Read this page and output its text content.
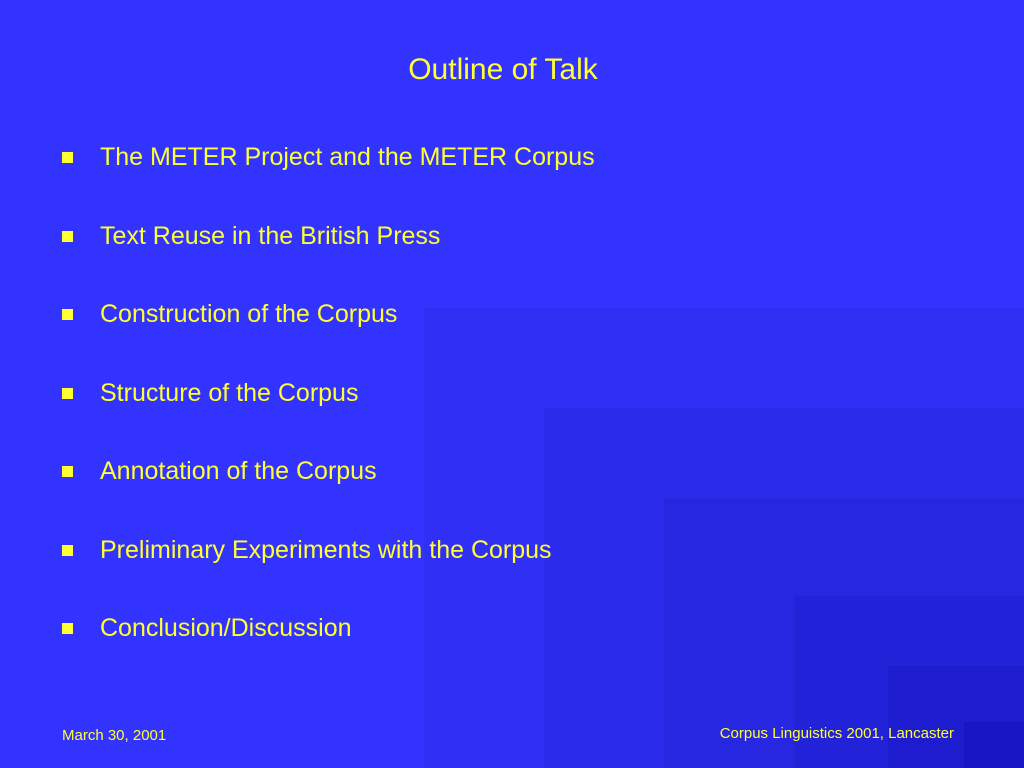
Outline of Talk
The METER Project and the METER Corpus
Text Reuse in the British Press
Construction of the Corpus
Structure of the Corpus
Annotation of the Corpus
Preliminary Experiments with the Corpus
Conclusion/Discussion
March 30, 2001	Corpus Linguistics 2001, Lancaster
